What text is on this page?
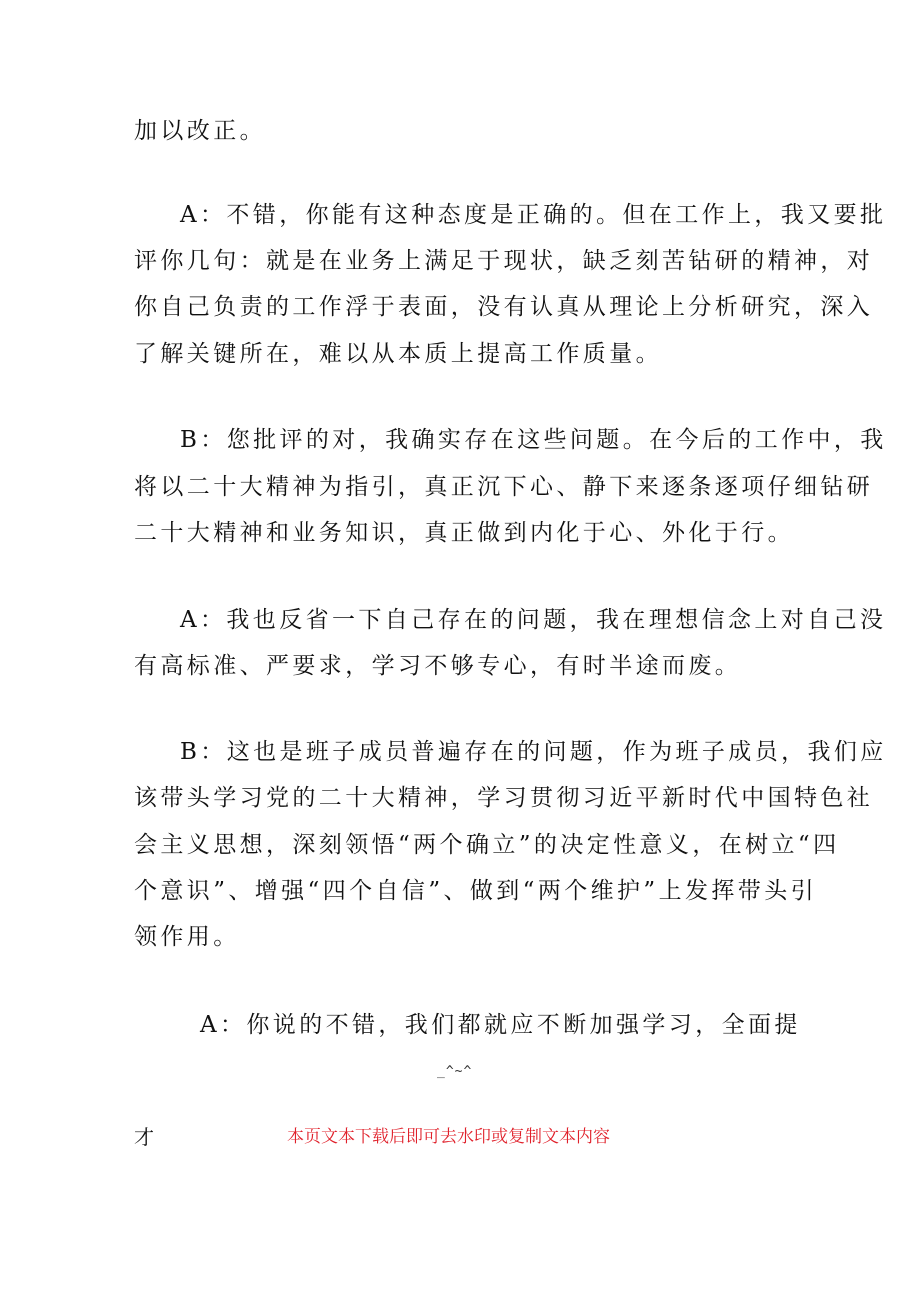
加以改正。
A：不错，你能有这种态度是正确的。但在工作上，我又要批
评你几句：就是在业务上满足于现状，缺乏刻苦钻研的精神，对
你自己负责的工作浮于表面，没有认真从理论上分析研究，深入
了解关键所在，难以从本质上提高工作质量。
B：您批评的对，我确实存在这些问题。在今后的工作中，我
将以二十大精神为指引，真正沉下心、静下来逐条逐项仔细钻研
二十大精神和业务知识，真正做到内化于心、外化于行。
A：我也反省一下自己存在的问题，我在理想信念上对自己没
有高标准、严要求，学习不够专心，有时半途而废。
B：这也是班子成员普遍存在的问题，作为班子成员，我们应
该带头学习党的二十大精神，学习贯彻习近平新时代中国特色社
会主义思想，深刻领悟“两个确立”的决定性意义，在树立“四
个意识”、增强“四个自信”、做到“两个维护”上发挥带头引
领作用。
A：你说的不错，我们都就应不断加强学习，全面提
_^~^
才	本页文本下载后即可去水印或复制文本内容
